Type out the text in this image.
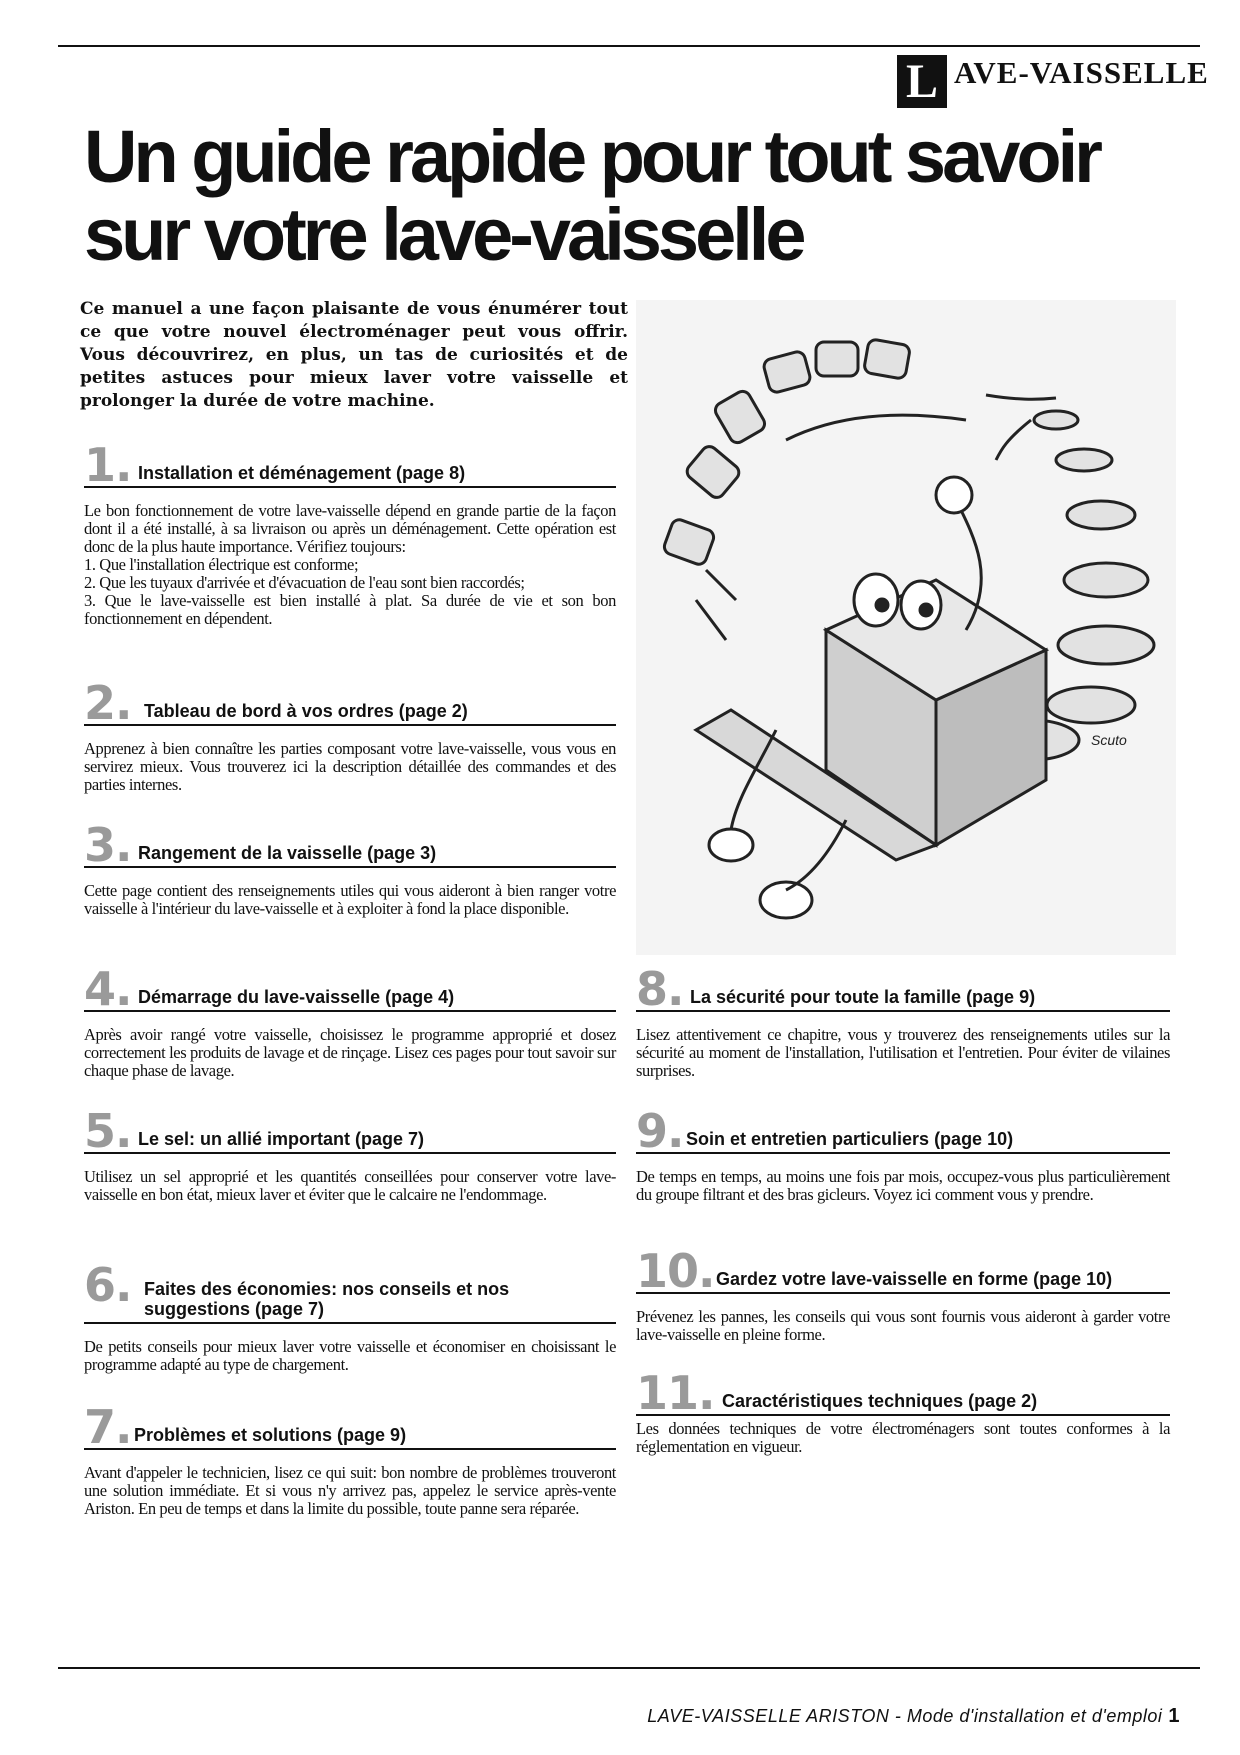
L AVE-VAISSELLE
Un guide rapide pour tout savoir
sur votre lave-vaisselle

Ce manuel a une façon plaisante de vous énumérer tout ce que votre nouvel électroménager peut vous offrir. Vous découvrirez, en plus, un tas de curiosités et de petites astuces pour mieux laver votre vaisselle et prolonger la durée de votre machine.

Scuto
1. Installation et déménagement (page 8)
Le bon fonctionnement de votre lave-vaisselle dépend en grande partie de la façon dont il a été installé, à sa livraison ou après un déménagement. Cette opération est donc de la plus haute importance. Vérifiez toujours:
1. Que l'installation électrique est conforme;
2. Que les tuyaux d'arrivée et d'évacuation de l'eau sont bien raccordés;
3. Que le lave-vaisselle est bien installé à plat. Sa durée de vie et son bon fonctionnement en dépendent.
2. Tableau de bord à vos ordres (page 2)
Apprenez à bien connaître les parties composant votre lave-vaisselle, vous vous en servirez mieux. Vous trouverez ici la description détaillée des commandes et des parties internes.
3. Rangement de la vaisselle (page 3)
Cette page contient des renseignements utiles qui vous aideront à bien ranger votre vaisselle à l'intérieur du lave-vaisselle et à exploiter à fond la place disponible.
4. Démarrage du lave-vaisselle (page 4)
Après avoir rangé votre vaisselle, choisissez le programme approprié et dosez correctement les produits de lavage et de rinçage. Lisez ces pages pour tout savoir sur chaque phase de lavage.
5. Le sel: un allié important (page 7)
Utilisez un sel approprié et les quantités conseillées pour conserver votre lave-vaisselle en bon état, mieux laver et éviter que le calcaire ne l'endommage.
6. Faites des économies: nos conseils et nos suggestions (page 7)
De petits conseils pour mieux laver votre vaisselle et économiser en choisissant le programme adapté au type de chargement.
7. Problèmes et solutions (page 9)
Avant d'appeler le technicien, lisez ce qui suit: bon nombre de problèmes trouveront une solution immédiate. Et si vous n'y arrivez pas, appelez le service après-vente Ariston. En peu de temps et dans la limite du possible, toute panne sera réparée.
8. La sécurité pour toute la famille (page 9)
Lisez attentivement ce chapitre, vous y trouverez des renseignements utiles sur la sécurité au moment de l'installation, l'utilisation et l'entretien. Pour éviter de vilaines surprises.
9. Soin et entretien particuliers (page 10)
De temps en temps, au moins une fois par mois, occupez-vous plus particulièrement du groupe filtrant et des bras gicleurs. Voyez ici comment vous y prendre.
10. Gardez votre lave-vaisselle en forme (page 10)
Prévenez les pannes, les conseils qui vous sont fournis vous aideront à garder votre lave-vaisselle en pleine forme.
11. Caractéristiques techniques (page 2)
Les données techniques de votre électroménagers sont toutes conformes à la réglementation en vigueur.
LAVE-VAISSELLE ARISTON - Mode d'installation et d'emploi 1
